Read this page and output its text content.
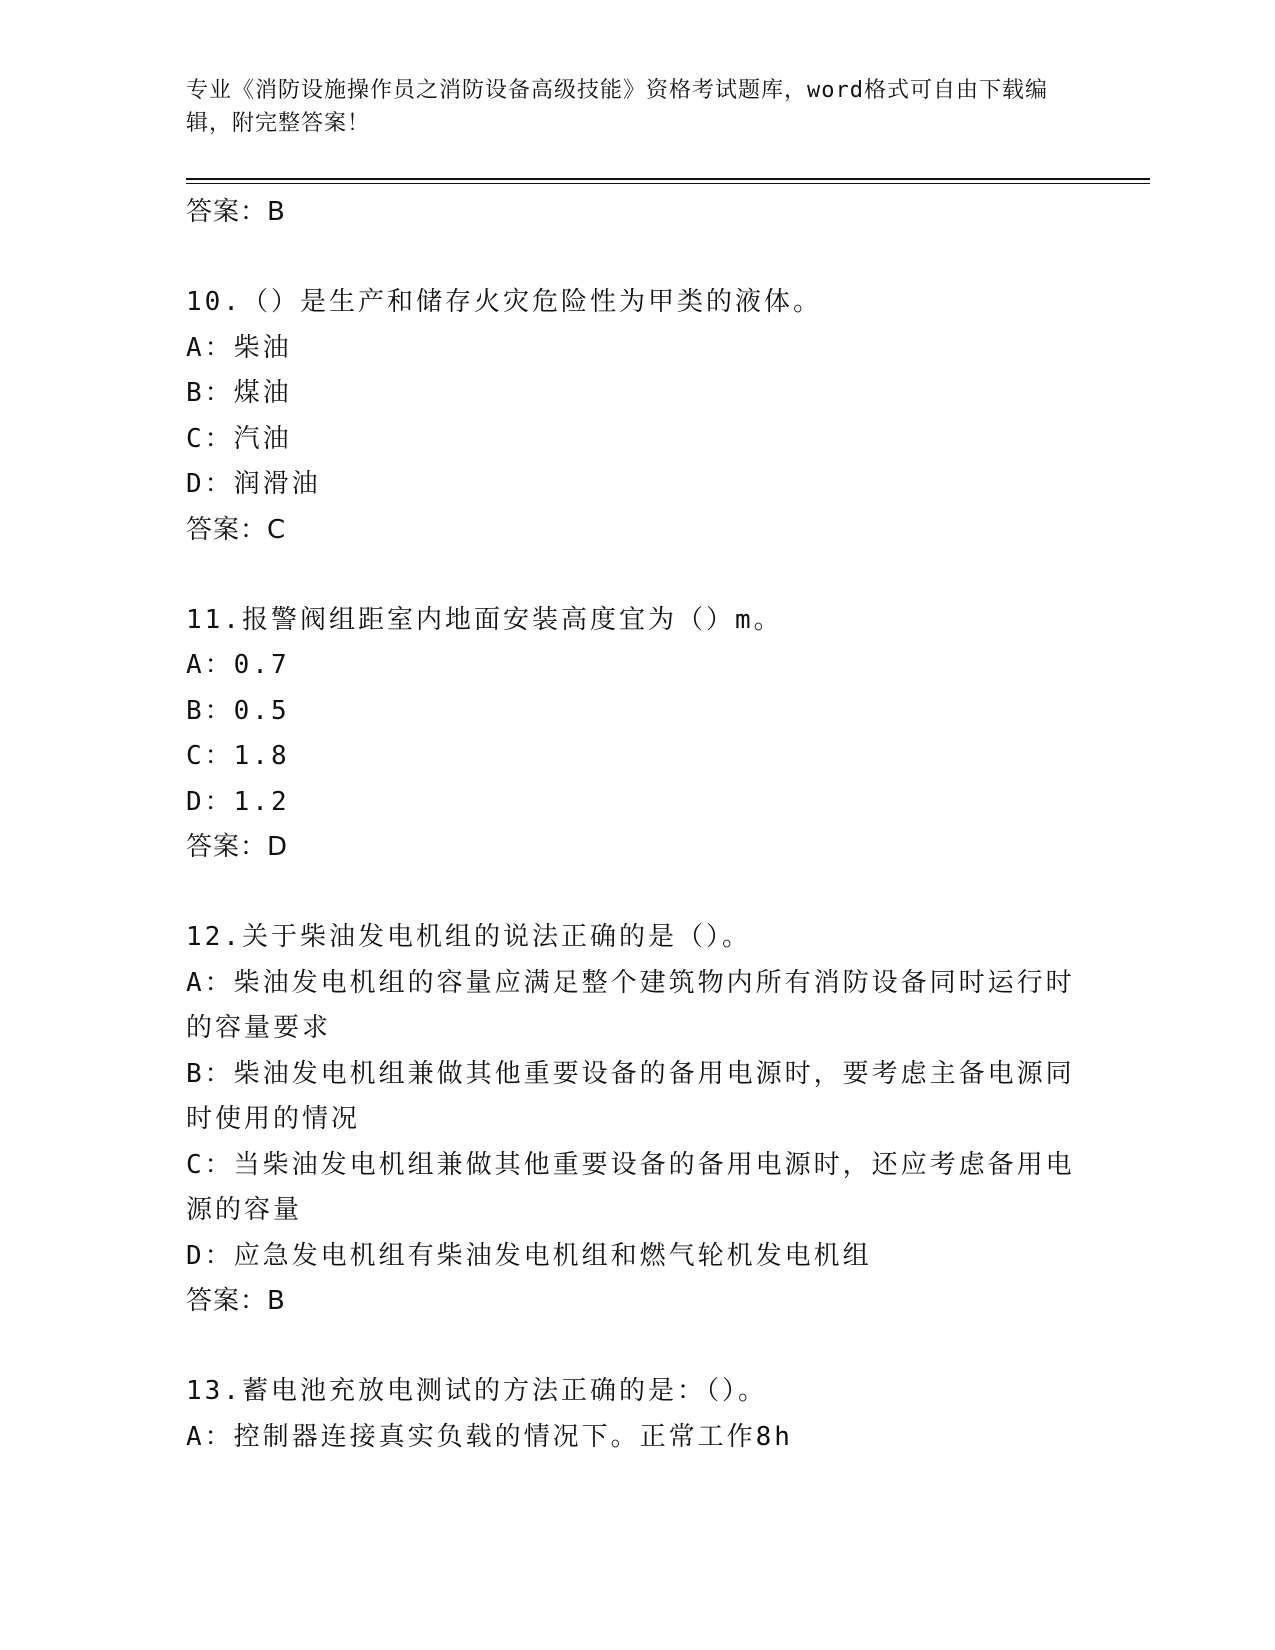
专业《消防设施操作员之消防设备高级技能》资格考试题库，word格式可自由下载编辑，附完整答案！
答案：B
10.（）是生产和储存火灾危险性为甲类的液体。
A：柴油
B：煤油
C：汽油
D：润滑油
答案：C
11.报警阀组距室内地面安装高度宜为（）m。
A：0.7
B：0.5
C：1.8
D：1.2
答案：D
12.关于柴油发电机组的说法正确的是（）。
A：柴油发电机组的容量应满足整个建筑物内所有消防设备同时运行时的容量要求
B：柴油发电机组兼做其他重要设备的备用电源时，要考虑主备电源同时使用的情况
C：当柴油发电机组兼做其他重要设备的备用电源时，还应考虑备用电源的容量
D：应急发电机组有柴油发电机组和燃气轮机发电机组
答案：B
13.蓄电池充放电测试的方法正确的是：（）。
A：控制器连接真实负载的情况下。正常工作8h
